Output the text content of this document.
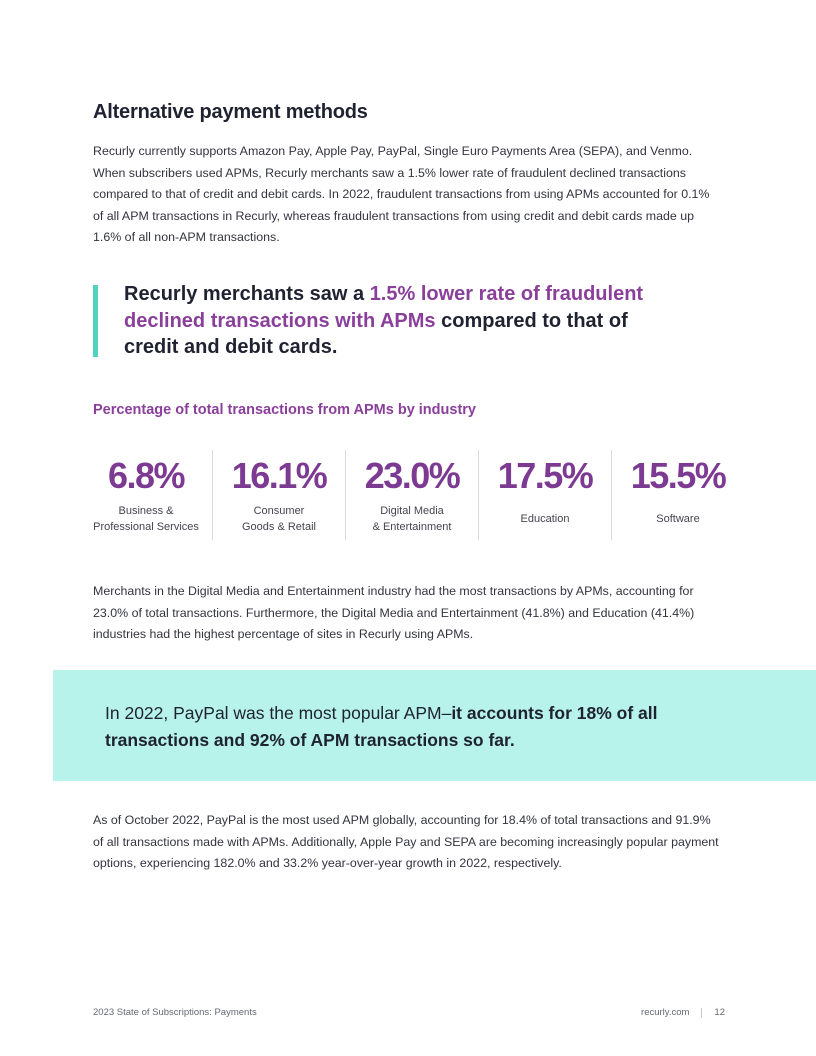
Alternative payment methods

Recurly currently supports Amazon Pay, Apple Pay, PayPal, Single Euro Payments Area (SEPA), and Venmo. When subscribers used APMs, Recurly merchants saw a 1.5% lower rate of fraudulent declined transactions compared to that of credit and debit cards. In 2022, fraudulent transactions from using APMs accounted for 0.1% of all APM transactions in Recurly, whereas fraudulent transactions from using credit and debit cards made up 1.6% of all non-APM transactions.

Recurly merchants saw a 1.5% lower rate of fraudulent declined transactions with APMs compared to that of credit and debit cards.

Percentage of total transactions from APMs by industry
6.8%
Business &
Professional Services
16.1%
Consumer
Goods & Retail
23.0%
Digital Media
& Entertainment
17.5%
Education
15.5%
Software

Merchants in the Digital Media and Entertainment industry had the most transactions by APMs, accounting for 23.0% of total transactions. Furthermore, the Digital Media and Entertainment (41.8%) and Education (41.4%) industries had the highest percentage of sites in Recurly using APMs.

In 2022, PayPal was the most popular APM–it accounts for 18% of all transactions and 92% of APM transactions so far.

As of October 2022, PayPal is the most used APM globally, accounting for 18.4% of total transactions and 91.9% of all transactions made with APMs. Additionally, Apple Pay and SEPA are becoming increasingly popular payment options, experiencing 182.0% and 33.2% year-over-year growth in 2022, respectively.

2023 State of Subscriptions: Payments	recurly.com	12
